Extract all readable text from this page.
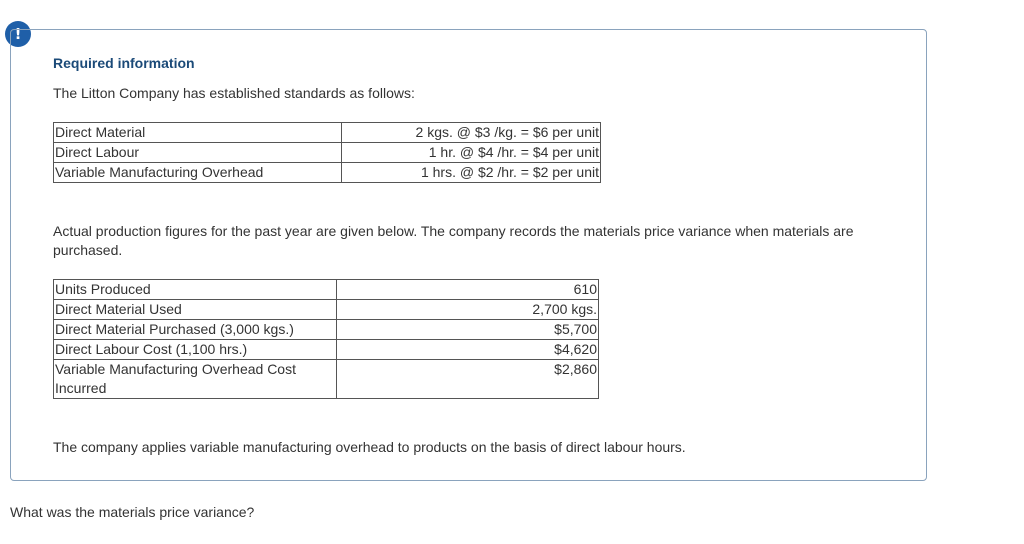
!
Required information
The Litton Company has established standards as follows:
Direct Material	2 kgs. @ $3 /kg. = $6 per unit
Direct Labour	1 hr. @ $4 /hr. = $4 per unit
Variable Manufacturing Overhead	1 hrs. @ $2 /hr. = $2 per unit
Actual production figures for the past year are given below. The company records the materials price variance when materials are purchased.
Units Produced	610
Direct Material Used	2,700 kgs.
Direct Material Purchased (3,000 kgs.)	$5,700
Direct Labour Cost (1,100 hrs.)	$4,620
Variable Manufacturing Overhead Cost Incurred	$2,860
The company applies variable manufacturing overhead to products on the basis of direct labour hours.
What was the materials price variance?
